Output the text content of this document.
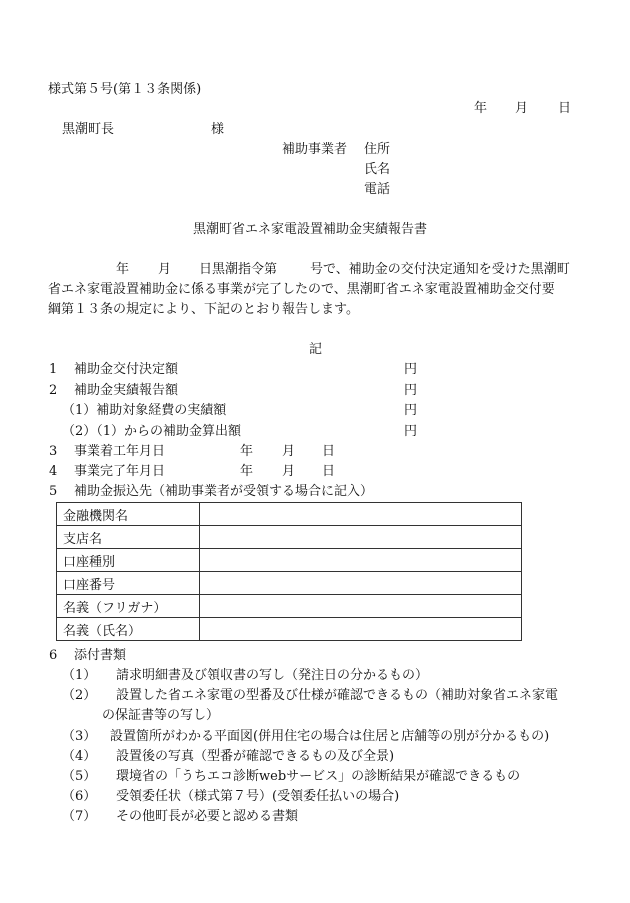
様式第５号(第１３条関係)
年 月 日
黒潮町長	様
補助事業者 住所
氏名
電話
黒潮町省エネ家電設置補助金実績報告書
年 月 日黒潮指令第	号で、補助金の交付決定通知を受けた黒潮町
省エネ家電設置補助金に係る事業が完了したので、黒潮町省エネ家電設置補助金交付要
綱第１３条の規定により、下記のとおり報告します。
記
1 補助金交付決定額	円
2 補助金実績報告額	円
（1）補助対象経費の実績額	円
（2）（1）からの補助金算出額	円
3 事業着工年月日	年 月 日
4 事業完了年月日	年 月 日
5 補助金振込先（補助事業者が受領する場合に記入）
金融機関名	
支店名	
口座種別	
口座番号	
名義（フリガナ）	
名義（氏名）	
6 添付書類
（1） 請求明細書及び領収書の写し（発注日の分かるもの）
（2） 設置した省エネ家電の型番及び仕様が確認できるもの（補助対象省エネ家電
の保証書等の写し）
（3） 設置箇所がわかる平面図(併用住宅の場合は住居と店舗等の別が分かるもの)
（4） 設置後の写真（型番が確認できるもの及び全景)
（5） 環境省の「うちエコ診断webサービス」の診断結果が確認できるもの
（6） 受領委任状（様式第７号）(受領委任払いの場合)
（7） その他町長が必要と認める書類
